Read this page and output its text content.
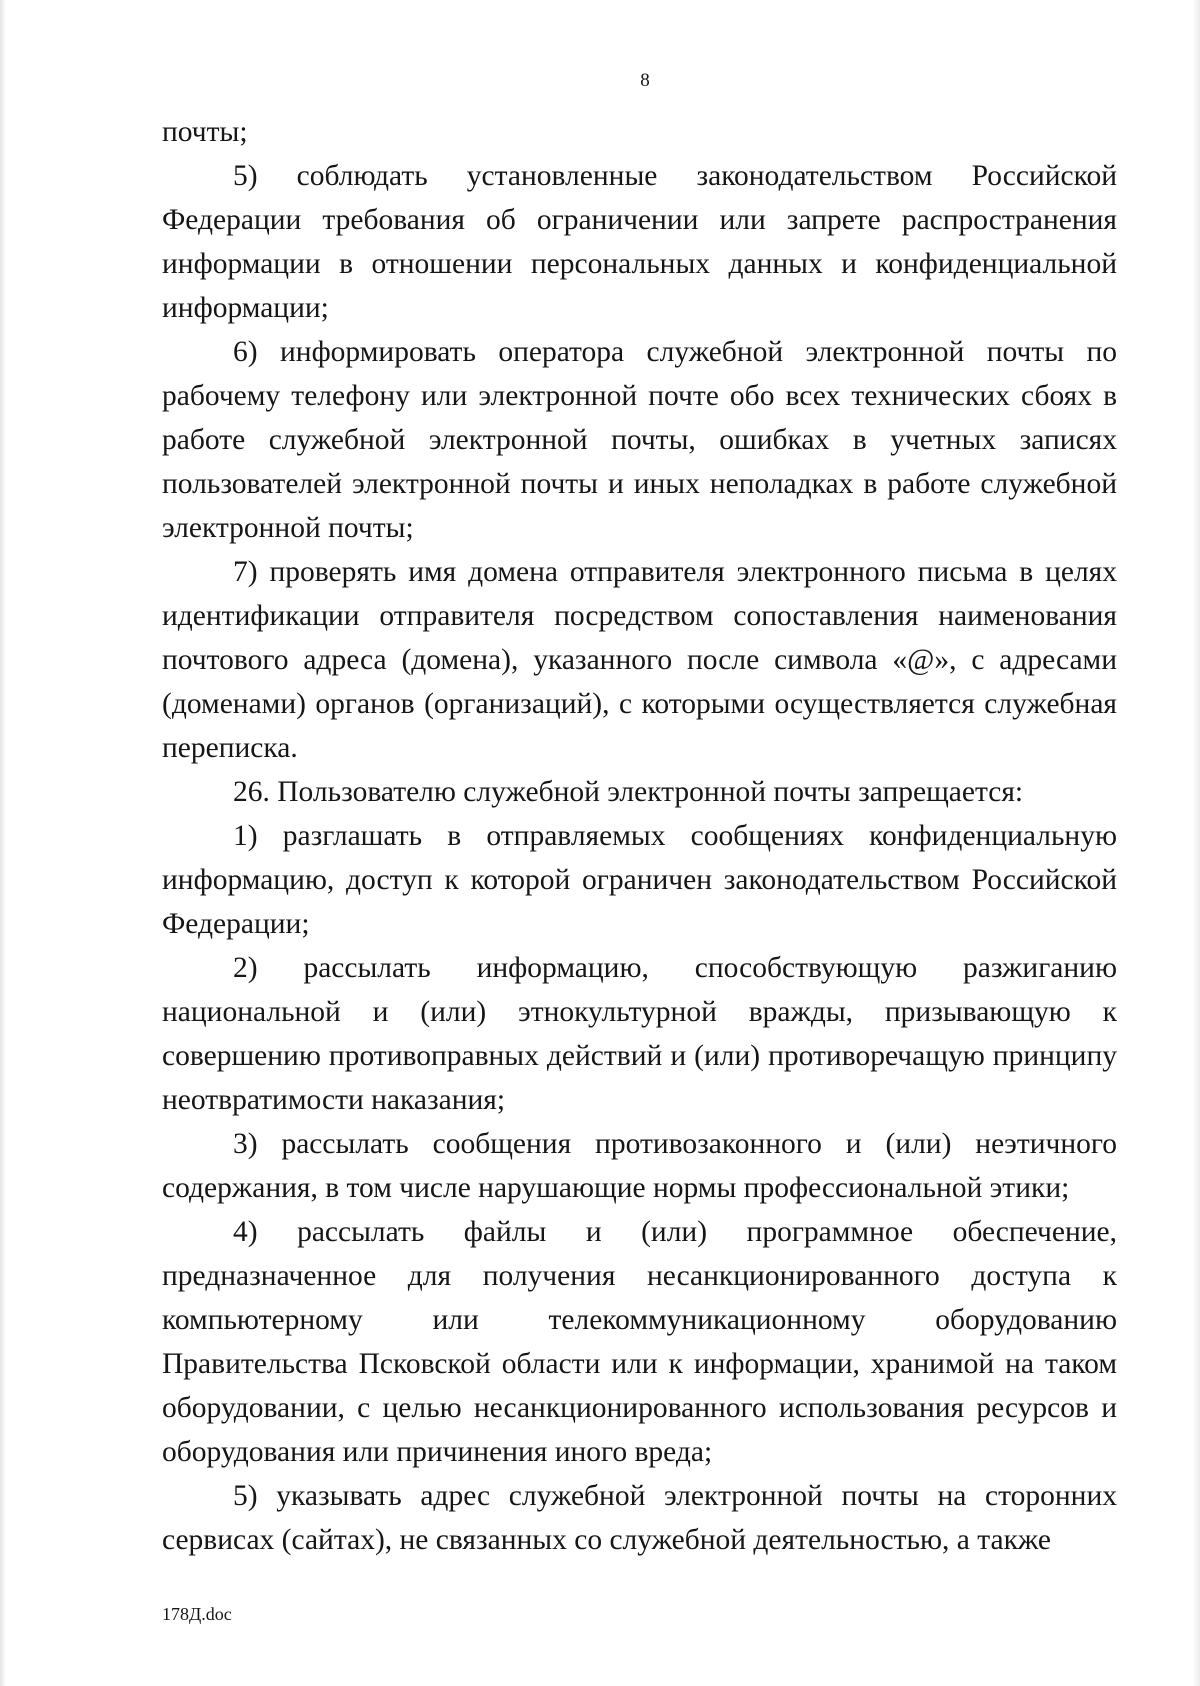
8

почты;

5) соблюдать установленные законодательством Российской Федерации требования об ограничении или запрете распространения информации в отношении персональных данных и конфиденциальной информации;

6) информировать оператора служебной электронной почты по рабочему телефону или электронной почте обо всех технических сбоях в работе служебной электронной почты, ошибках в учетных записях пользователей электронной почты и иных неполадках в работе служебной электронной почты;

7) проверять имя домена отправителя электронного письма в целях идентификации отправителя посредством сопоставления наименования почтового адреса (домена), указанного после символа «@», с адресами (доменами) органов (организаций), с которыми осуществляется служебная переписка.

26. Пользователю служебной электронной почты запрещается:

1) разглашать в отправляемых сообщениях конфиденциальную информацию, доступ к которой ограничен законодательством Российской Федерации;

2) рассылать информацию, способствующую разжиганию национальной и (или) этнокультурной вражды, призывающую к совершению противоправных действий и (или) противоречащую принципу неотвратимости наказания;

3) рассылать сообщения противозаконного и (или) неэтичного содержания, в том числе нарушающие нормы профессиональной этики;

4) рассылать файлы и (или) программное обеспечение, предназначенное для получения несанкционированного доступа к компьютерному или телекоммуникационному оборудованию Правительства Псковской области или к информации, хранимой на таком оборудовании, с целью несанкционированного использования ресурсов и оборудования или причинения иного вреда;

5) указывать адрес служебной электронной почты на сторонних сервисах (сайтах), не связанных со служебной деятельностью, а также

178Д.doc
